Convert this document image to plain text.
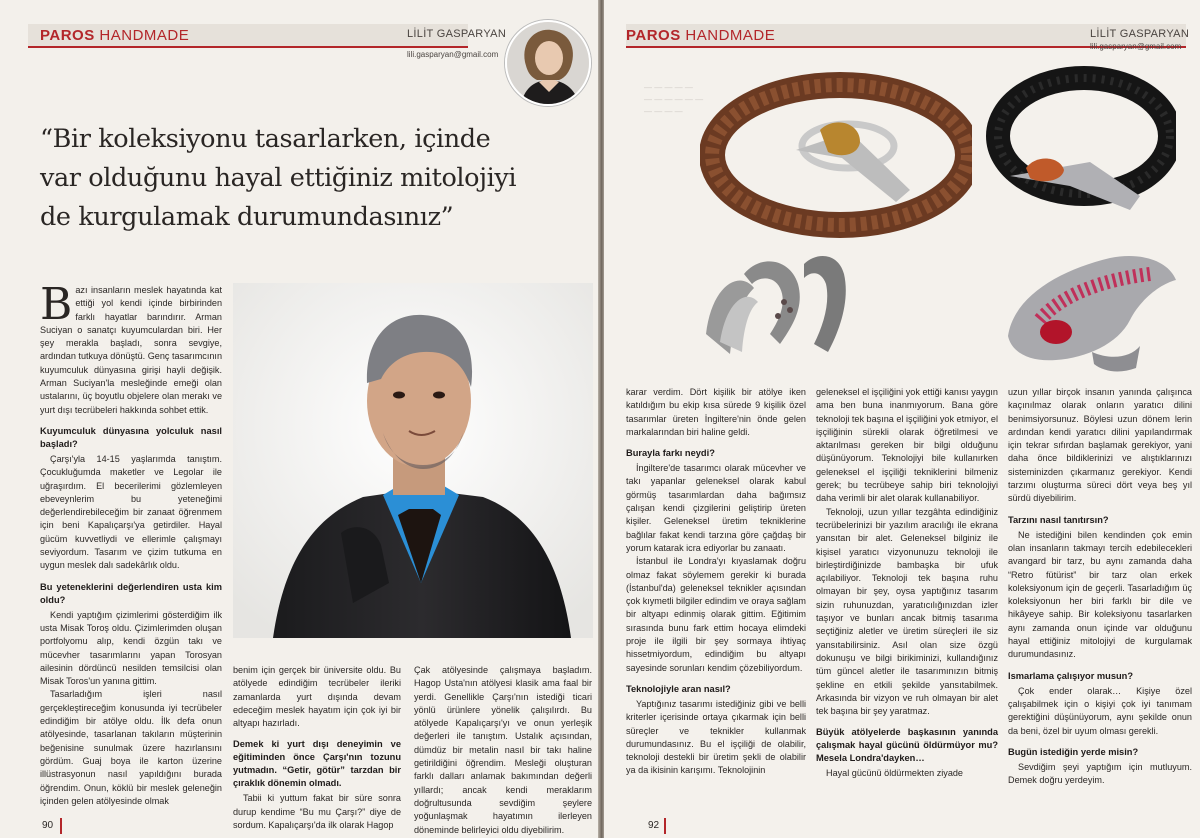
PAROS HANDMADE	LİLİT GASPARYAN
lili.gasparyan@gmail.com
“Bir koleksiyonu tasarlarken, içinde var olduğunu hayal ettiğiniz mitolojiyi de kurgulamak durumundasınız”

Bazı insanların meslek hayatında kat ettiği yol kendi içinde birbirinden farklı hayatlar barındırır. Arman Suciyan o sanatçı kuyumculardan biri. Her şey merakla başladı, sonra sevgiye, ardından tutkuya dönüştü. Genç tasarımcının kuyumculuk dünyasına girişi hayli değişik. Arman Suciyan'la mesleğinde emeği olan ustalarını, üç boyutlu objelere olan merakı ve yurt dışı tecrübeleri hakkında sohbet ettik.

Kuyumculuk dünyasına yolculuk nasıl başladı?

Çarşı'yla 14-15 yaşlarımda tanıştım. Çocukluğumda maketler ve Legolar ile uğraşırdım. El becerilerimi gözlemleyen ebeveynlerim bu yeteneğimi değerlendirebileceğim bir zanaat öğrenmem için beni Kapalıçarşı'ya getirdiler. Hayal gücüm kuvvetliydi ve ellerimle çalışmayı seviyordum. Tasarım ve çizim tutkuma en uygun meslek dalı sadekârlık oldu.

Bu yeteneklerini değerlendiren usta kim oldu?

Kendi yaptığım çizimlerimi gösterdiğim ilk usta Misak Toroş oldu. Çizimlerimden oluşan portfolyomu alıp, kendi özgün takı ve mücevher tasarımlarını yapan Torosyan ailesinin dördüncü nesilden temsilcisi olan Misak Toros'un yanına gittim.

Tasarladığım işleri nasıl gerçekleştireceğim konusunda iyi tecrübeler edindiğim bir atölye oldu. İlk defa onun atölyesinde, tasarlanan takıların müşterinin beğenisine sunulmak üzere hazırlansını gördüm. Guaj boya ile karton üzerine illüstrasyonun nasıl yapıldığını burada öğrendim. Onun, köklü bir meslek geleneğin içinden gelen atölyesinde olmak

benim için gerçek bir üniversite oldu. Bu atölyede edindiğim tecrübeler ileriki zamanlarda yurt dışında devam edeceğim meslek hayatım için çok iyi bir altyapı hazırladı.

Demek ki yurt dışı deneyimin ve eğitiminden önce Çarşı'nın tozunu yutmadın. “Getir, götür” tarzdan bir çıraklık dönemin olmadı.

Tabii ki yuttum fakat bir süre sonra durup kendime “Bu mu Çarşı?” diye de sordum. Kapalıçarşı'da ilk olarak Hagop

Çak atölyesinde çalışmaya başladım. Hagop Usta'nın atölyesi klasik ama faal bir yerdi. Genellikle Çarşı'nın istediği ticari yönlü ürünlere yönelik çalışılırdı. Bu atölyede Kapalıçarşı'yı ve onun yerleşik değerleri ile tanıştım. Ustalık açısından, dümdüz bir metalin nasıl bir takı haline getirildiğini öğrendim. Mesleği oluşturan farklı dalları anlamak bakımından değerli yıllardı; ancak kendi meraklarım doğrultusunda sevdiğim şeylere yoğunlaşmak hayatımın ilerleyen döneminde belirleyici oldu diyebilirim.

90
— — — — —
— — — — — —
— — — —
PAROS HANDMADE	LİLİT GASPARYAN
lili.gasparyan@gmail.com

karar verdim. Dört kişilik bir atölye iken katıldığım bu ekip kısa sürede 9 kişilik özel tasarımlar üreten İngiltere'nin önde gelen markalarından biri haline geldi.

Burayla farkı neydi?

İngiltere'de tasarımcı olarak mücevher ve takı yapanlar geleneksel olarak kabul görmüş tasarımlardan daha bağımsız çalışan kendi çizgilerini geliştirip üreten kişiler. Geleneksel üretim tekniklerine bağlılar fakat kendi tarzına göre çağdaş bir yorum katarak icra ediyorlar bu zanaatı.

İstanbul ile Londra'yı kıyaslamak doğru olmaz fakat söylemem gerekir ki burada (İstanbul'da) geleneksel teknikler açısından çok kıymetli bilgiler edindim ve oraya sağlam bir altyapı edinmiş olarak gittim. Eğitimim sırasında bunu fark ettim hocaya elimdeki proje ile ilgili bir şey sormaya ihtiyaç hissetmiyordum, edindiğim bu altyapı sayesinde sorunları kendim çözebiliyordum.

Teknolojiyle aran nasıl?

Yaptığınız tasarımı istediğiniz gibi ve belli kriterler içerisinde ortaya çıkarmak için belli süreçler ve teknikler kullanmak durumundasınız. Bu el işçiliği de olabilir, teknoloji destekli bir üretim şekli de olabilir ya da ikisinin karışımı. Teknolojinin

geleneksel el işçiliğini yok ettiği kanısı yaygın ama ben buna inanmıyorum. Bana göre teknoloji tek başına el işçiliğini yok etmiyor, el işçiliğinin sürekli olarak öğretilmesi ve aktarılması gereken bir bilgi olduğunu düşünüyorum. Teknolojiyi bile kullanırken geleneksel el işçiliği tekniklerini bilmeniz gerek; bu tecrübeye sahip biri teknolojiyi daha verimli bir alet olarak kullanabiliyor.

Teknoloji, uzun yıllar tezgâhta edindiğiniz tecrübelerinizi bir yazılım aracılığı ile ekrana yansıtan bir alet. Geleneksel bilginiz ile kişisel yaratıcı vizyonunuzu teknoloji ile birleştirdiğinizde bambaşka bir ufuk açılabiliyor. Teknoloji tek başına ruhu olmayan bir şey, oysa yaptığınız tasarım sizin ruhunuzdan, yaratıcılığınızdan izler taşıyor ve bunları ancak bitmiş tasarıma seçtiğiniz aletler ve üretim süreçleri ile siz yansıtabilirsiniz. Asıl olan size özgü dokunuşu ve bilgi birikiminizi, kullandığınız tüm güncel aletler ile tasarımınızın bitmiş şekline en etkili şekilde yansıtabilmek. Arkasında bir vizyon ve ruh olmayan bir alet tek başına bir şey yaratmaz.

Büyük atölyelerde başkasının yanında çalışmak hayal gücünü öldürmüyor mu? Mesela Londra'dayken…

Hayal gücünü öldürmekten ziyade

uzun yıllar birçok insanın yanında çalışınca kaçınılmaz olarak onların yaratıcı dilini benimsiyorsunuz. Böylesi uzun dönem lerin ardından kendi yaratıcı dilini yapılandırmak için tekrar sıfırdan başlamak gerekiyor, yani daha önce bildiklerinizi ve alıştıklarınızı sisteminizden çıkarmanız gerekiyor. Kendi tarzımı oluşturma süreci dört veya beş yıl sürdü diyebilirim.

Tarzını nasıl tanıtırsın?

Ne istediğini bilen kendinden çok emin olan insanların takmayı tercih edebilecekleri avangard bir tarz, bu aynı zamanda daha “Retro fütürist” bir tarz olan erkek koleksiyonum için de geçerli. Tasarladığım üç koleksiyonun her biri farklı bir dile ve hikâyeye sahip. Bir koleksiyonu tasarlarken aynı zamanda onun içinde var olduğunu hayal ettiğiniz mitolojiyi de kurgulamak durumundasınız.

Ismarlama çalışıyor musun?

Çok ender olarak… Kişiye özel çalışabilmek için o kişiyi çok iyi tanımam gerektiğini düşünüyorum, aynı şekilde onun da beni, özel bir uyum olması gerekli.

Bugün istediğin yerde misin?

Sevdiğim şeyi yaptığım için mutluyum. Demek doğru yerdeyim.

92
